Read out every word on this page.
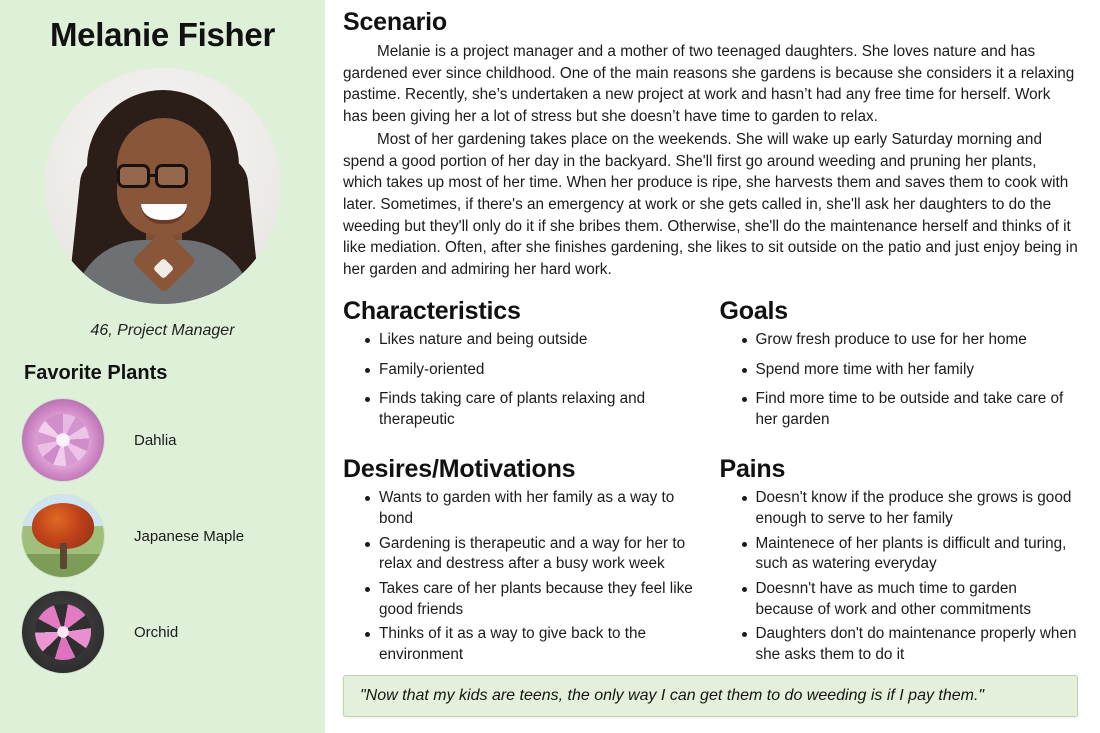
Melanie Fisher
46, Project Manager
Favorite Plants
Dahlia
Japanese Maple
Orchid
Scenario

Melanie is a project manager and a mother of two teenaged daughters. She loves nature and has gardened ever since childhood. One of the main reasons she gardens is because she considers it a relaxing pastime. Recently, she’s undertaken a new project at work and hasn’t had any free time for herself. Work has been giving her a lot of stress but she doesn’t have time to garden to relax.

Most of her gardening takes place on the weekends. She will wake up early Saturday morning and spend a good portion of her day in the backyard. She'll first go around weeding and pruning her plants, which takes up most of her time. When her produce is ripe, she harvests them and saves them to cook with later. Sometimes, if there's an emergency at work or she gets called in, she'll ask her daughters to do the weeding but they'll only do it if she bribes them. Otherwise, she'll do the maintenance herself and thinks of it like mediation. Often, after she finishes gardening, she likes to sit outside on the patio and just enjoy being in her garden and admiring her hard work.

Characteristics
Likes nature and being outside
Family-oriented
Finds taking care of plants relaxing and therapeutic
Goals
Grow fresh produce to use for her home
Spend more time with her family
Find more time to be outside and take care of her garden
Desires/Motivations
Wants to garden with her family as a way to bond
Gardening is therapeutic and a way for her to relax and destress after a busy work week
Takes care of her plants because they feel like good friends
Thinks of it as a way to give back to the environment
Pains
Doesn't know if the produce she grows is good enough to serve to her family
Maintenece of her plants is difficult and turing, such as watering everyday
Doesnn't have as much time to garden because of work and other commitments
Daughters don't do maintenance properly when she asks them to do it
"Now that my kids are teens, the only way I can get them to do weeding is if I pay them."
